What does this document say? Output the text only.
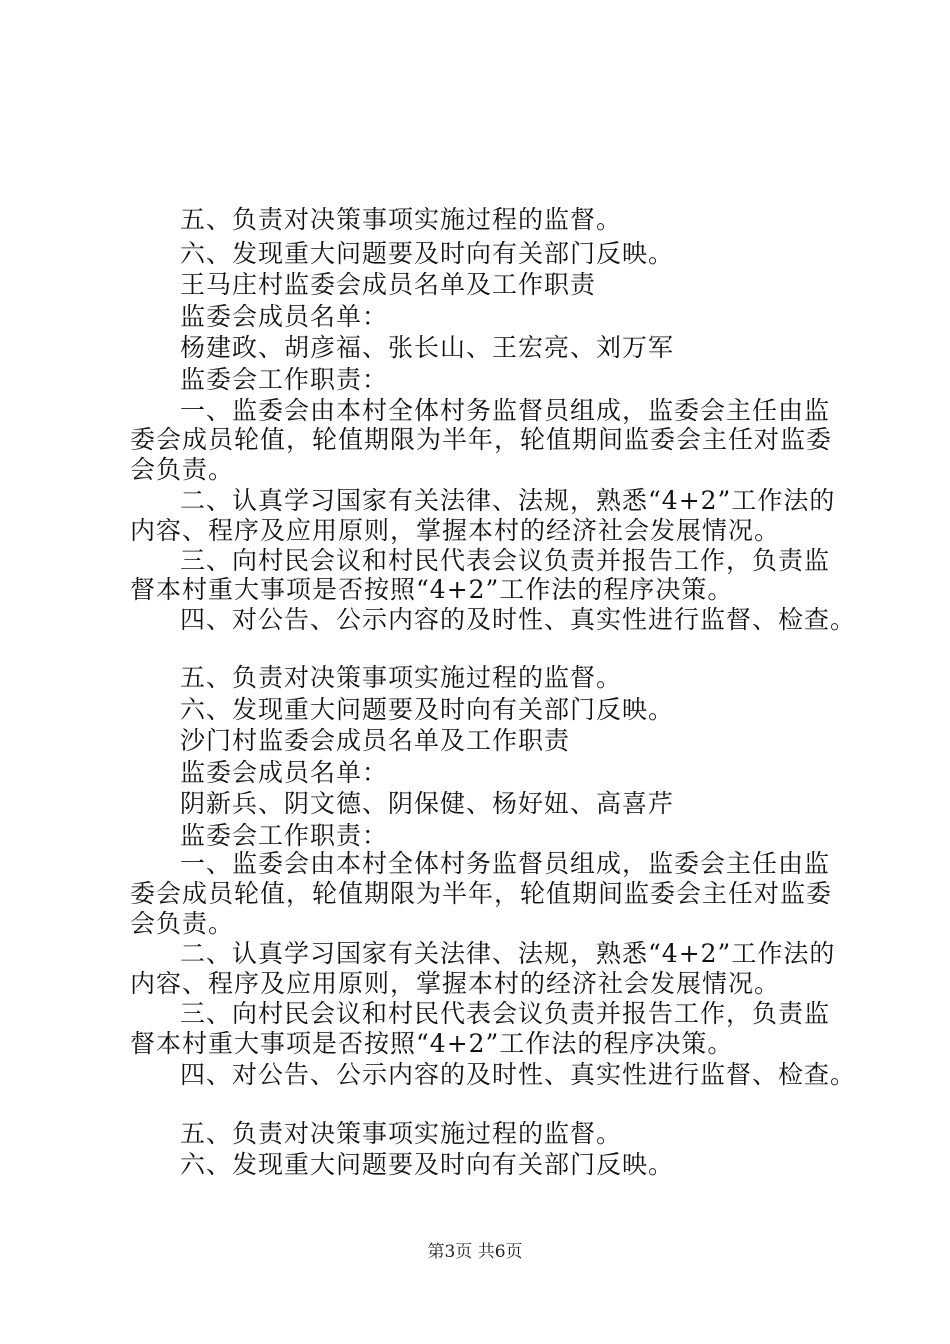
五、负责对决策事项实施过程的监督。
六、发现重大问题要及时向有关部门反映。
王马庄村监委会成员名单及工作职责
监委会成员名单：
杨建政、胡彦福、张长山、王宏亮、刘万军
监委会工作职责：
一、监委会由本村全体村务监督员组成，监委会主任由监
委会成员轮值，轮值期限为半年，轮值期间监委会主任对监委
会负责。
二、认真学习国家有关法律、法规，熟悉“4+2”工作法的
内容、程序及应用原则，掌握本村的经济社会发展情况。
三、向村民会议和村民代表会议负责并报告工作，负责监
督本村重大事项是否按照“4+2”工作法的程序决策。
四、对公告、公示内容的及时性、真实性进行监督、检查。
五、负责对决策事项实施过程的监督。
六、发现重大问题要及时向有关部门反映。
沙门村监委会成员名单及工作职责
监委会成员名单：
阴新兵、阴文德、阴保健、杨好妞、高喜芹
监委会工作职责：
一、监委会由本村全体村务监督员组成，监委会主任由监
委会成员轮值，轮值期限为半年，轮值期间监委会主任对监委
会负责。
二、认真学习国家有关法律、法规，熟悉“4+2”工作法的
内容、程序及应用原则，掌握本村的经济社会发展情况。
三、向村民会议和村民代表会议负责并报告工作，负责监
督本村重大事项是否按照“4+2”工作法的程序决策。
四、对公告、公示内容的及时性、真实性进行监督、检查。
五、负责对决策事项实施过程的监督。
六、发现重大问题要及时向有关部门反映。
第3页 共6页
